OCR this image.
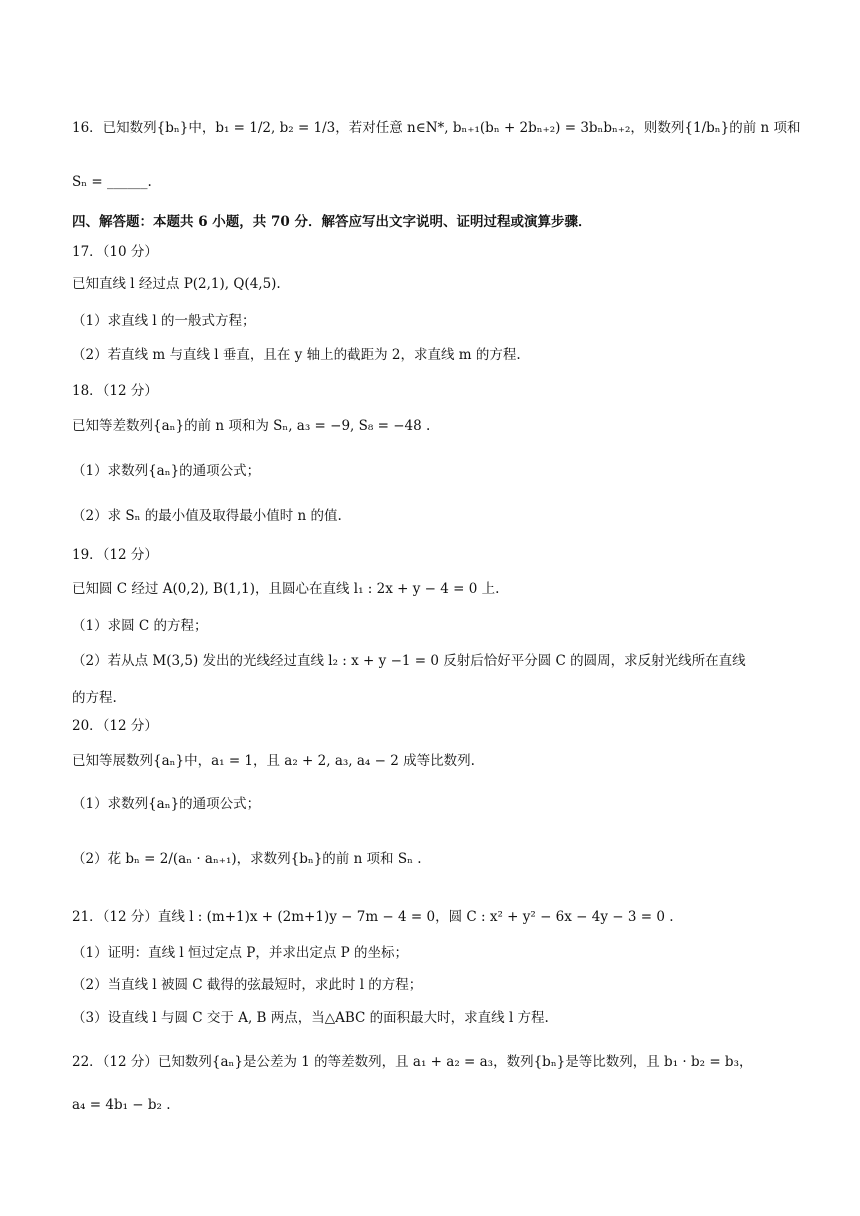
16．已知数列{bₙ}中，b₁ = 1/2, b₂ = 1/3，若对任意 n∈N*, bₙ₊₁(bₙ + 2bₙ₊₂) = 3bₙbₙ₊₂，则数列{1/bₙ}的前 n 项和
Sₙ = ______.
四、解答题：本题共 6 小题，共 70 分．解答应写出文字说明、证明过程或演算步骤．
17．（10 分）
已知直线 l 经过点 P(2,1), Q(4,5).
（1）求直线 l 的一般式方程；
（2）若直线 m 与直线 l 垂直，且在 y 轴上的截距为 2，求直线 m 的方程.
18．（12 分）
已知等差数列{aₙ}的前 n 项和为 Sₙ, a₃ = −9, S₈ = −48 .
（1）求数列{aₙ}的通项公式；
（2）求 Sₙ 的最小值及取得最小值时 n 的值.
19．（12 分）
已知圆 C 经过 A(0,2), B(1,1)，且圆心在直线 l₁ : 2x + y − 4 = 0 上.
（1）求圆 C 的方程；
（2）若从点 M(3,5) 发出的光线经过直线 l₂ : x + y −1 = 0 反射后恰好平分圆 C 的圆周，求反射光线所在直线
的方程.
20．（12 分）
已知等展数列{aₙ}中，a₁ = 1，且 a₂ + 2, a₃, a₄ − 2 成等比数列.
（1）求数列{aₙ}的通项公式；
（2）花 bₙ = 2/(aₙ · aₙ₊₁)，求数列{bₙ}的前 n 项和 Sₙ .
21．（12 分）直线 l : (m+1)x + (2m+1)y − 7m − 4 = 0，圆 C : x² + y² − 6x − 4y − 3 = 0 .
（1）证明：直线 l 恒过定点 P，并求出定点 P 的坐标；
（2）当直线 l 被圆 C 截得的弦最短时，求此时 l 的方程；
（3）设直线 l 与圆 C 交于 A, B 两点，当△ABC 的面积最大时，求直线 l 方程.
22．（12 分）已知数列{aₙ}是公差为 1 的等差数列，且 a₁ + a₂ = a₃，数列{bₙ}是等比数列，且 b₁ · b₂ = b₃，
a₄ = 4b₁ − b₂ .
